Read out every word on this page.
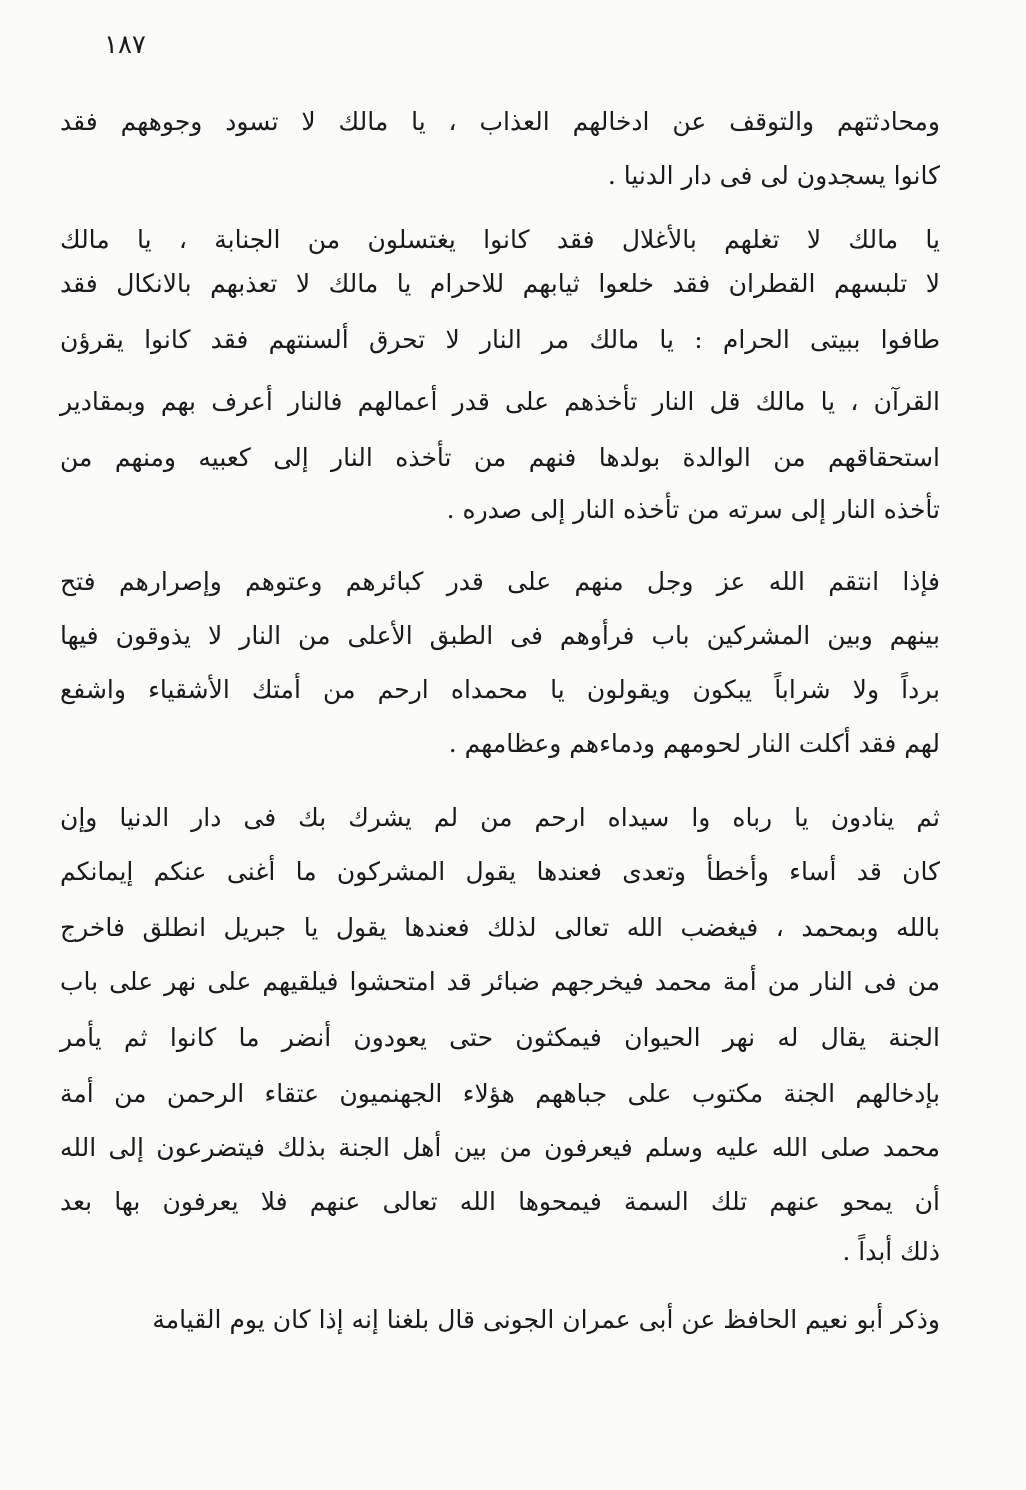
١٨٧
ومحادثتهم والتوقف عن ادخالهم العذاب ، يا مالك لا تسود وجوههم فقد
كانوا يسجدون لى فى دار الدنيا .
يا مالك لا تغلهم بالأغلال فقد كانوا يغتسلون من الجنابة ، يا مالك
لا تلبسهم القطران فقد خلعوا ثيابهم للاحرام يا مالك لا تعذبهم بالانكال فقد
طافوا ببيتى الحرام : يا مالك مر النار لا تحرق ألسنتهم فقد كانوا يقرؤن
القرآن ، يا مالك قل النار تأخذهم على قدر أعمالهم فالنار أعرف بهم وبمقادير
استحقاقهم من الوالدة بولدها فنهم من تأخذه النار إلى كعبيه ومنهم من
تأخذه النار إلى سرته من تأخذه النار إلى صدره .
فإذا انتقم الله عز وجل منهم على قدر كبائرهم وعتوهم وإصرارهم فتح
بينهم وبين المشركين باب فرأوهم فى الطبق الأعلى من النار لا يذوقون فيها
برداً ولا شراباً يبكون ويقولون يا محمداه ارحم من أمتك الأشقياء واشفع
لهم فقد أكلت النار لحومهم ودماءهم وعظامهم .
ثم ينادون يا رباه وا سيداه ارحم من لم يشرك بك فى دار الدنيا وإن
كان قد أساء وأخطأ وتعدى فعندها يقول المشركون ما أغنى عنكم إيمانكم
بالله وبمحمد ، فيغضب الله تعالى لذلك فعندها يقول يا جبريل انطلق فاخرج
من فى النار من أمة محمد فيخرجهم ضبائر قد امتحشوا فيلقيهم على نهر على باب
الجنة يقال له نهر الحيوان فيمكثون حتى يعودون أنضر ما كانوا ثم يأمر
بإدخالهم الجنة مكتوب على جباههم هؤلاء الجهنميون عتقاء الرحمن من أمة
محمد صلى الله عليه وسلم فيعرفون من بين أهل الجنة بذلك فيتضرعون إلى الله
أن يمحو عنهم تلك السمة فيمحوها الله تعالى عنهم فلا يعرفون بها بعد
ذلك أبداً .
وذكر أبو نعيم الحافظ عن أبى عمران الجونى قال بلغنا إنه إذا كان يوم القيامة
